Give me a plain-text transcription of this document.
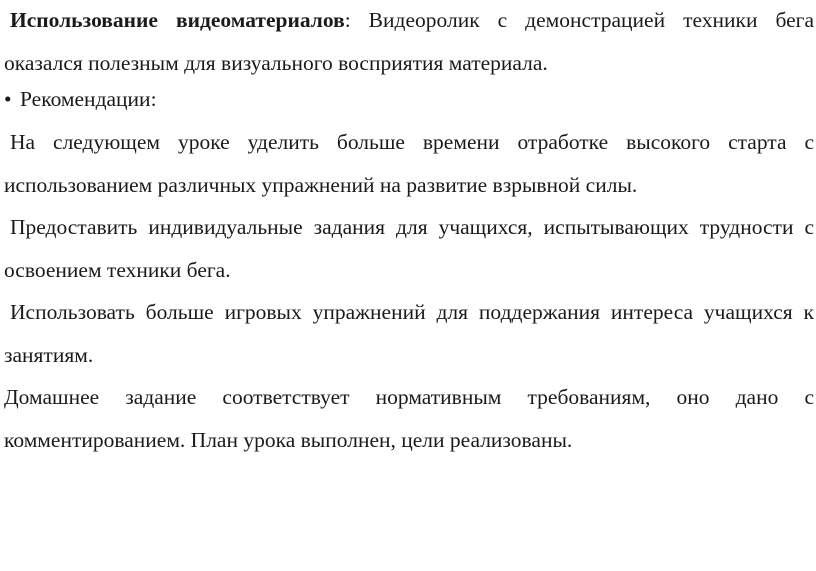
Использование видеоматериалов: Видеоролик с демонстрацией техники бега оказался полезным для визуального восприятия материала.

• Рекомендации:

На следующем уроке уделить больше времени отработке высокого старта с использованием различных упражнений на развитие взрывной силы.

Предоставить индивидуальные задания для учащихся, испытывающих трудности с освоением техники бега.

Использовать больше игровых упражнений для поддержания интереса учащихся к занятиям.

Домашнее задание соответствует нормативным требованиям, оно дано с комментированием. План урока выполнен, цели реализованы.
